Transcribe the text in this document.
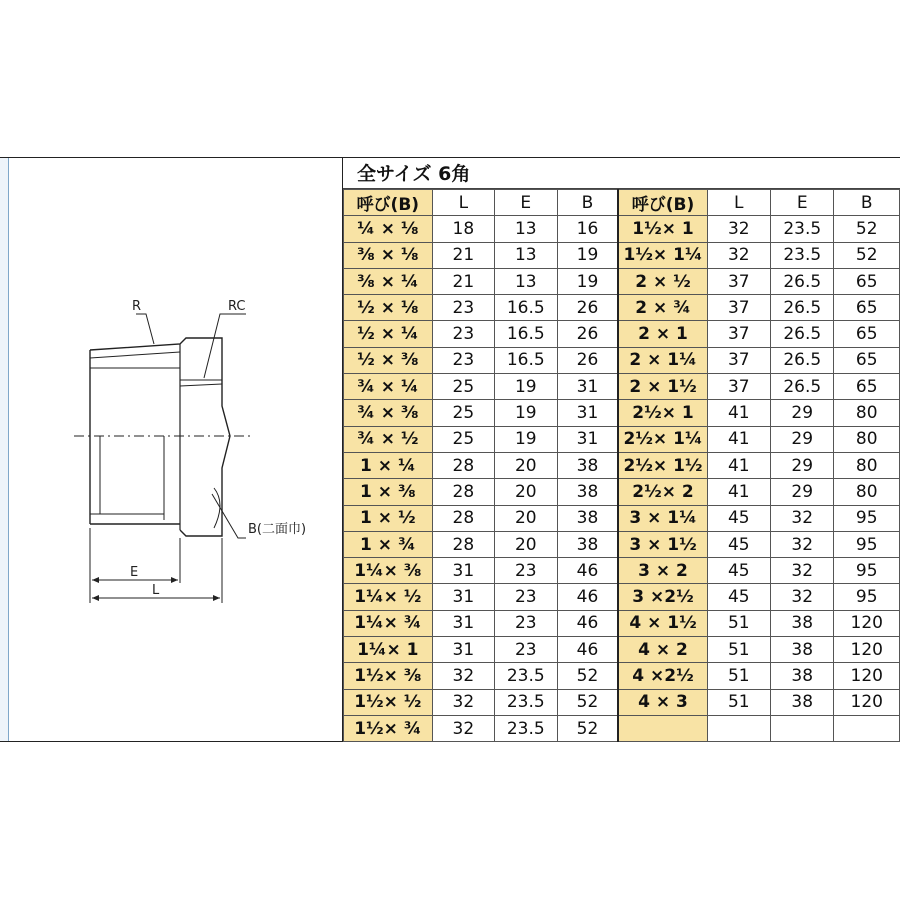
R	RC
B(二面巾)
E
L
全サイズ 6角
呼び(B)	L	E	B	呼び(B)	L	E	B
¼ × ⅛	18	13	16	1½× 1	32	23.5	52
⅜ × ⅛	21	13	19	1½× 1¼	32	23.5	52
⅜ × ¼	21	13	19	2 × ½	37	26.5	65
½ × ⅛	23	16.5	26	2 × ¾	37	26.5	65
½ × ¼	23	16.5	26	2 × 1	37	26.5	65
½ × ⅜	23	16.5	26	2 × 1¼	37	26.5	65
¾ × ¼	25	19	31	2 × 1½	37	26.5	65
¾ × ⅜	25	19	31	2½× 1	41	29	80
¾ × ½	25	19	31	2½× 1¼	41	29	80
1 × ¼	28	20	38	2½× 1½	41	29	80
1 × ⅜	28	20	38	2½× 2	41	29	80
1 × ½	28	20	38	3 × 1¼	45	32	95
1 × ¾	28	20	38	3 × 1½	45	32	95
1¼× ⅜	31	23	46	3 × 2	45	32	95
1¼× ½	31	23	46	3 ×2½	45	32	95
1¼× ¾	31	23	46	4 × 1½	51	38	120
1¼× 1	31	23	46	4 × 2	51	38	120
1½× ⅜	32	23.5	52	4 ×2½	51	38	120
1½× ½	32	23.5	52	4 × 3	51	38	120
1½× ¾	32	23.5	52				
